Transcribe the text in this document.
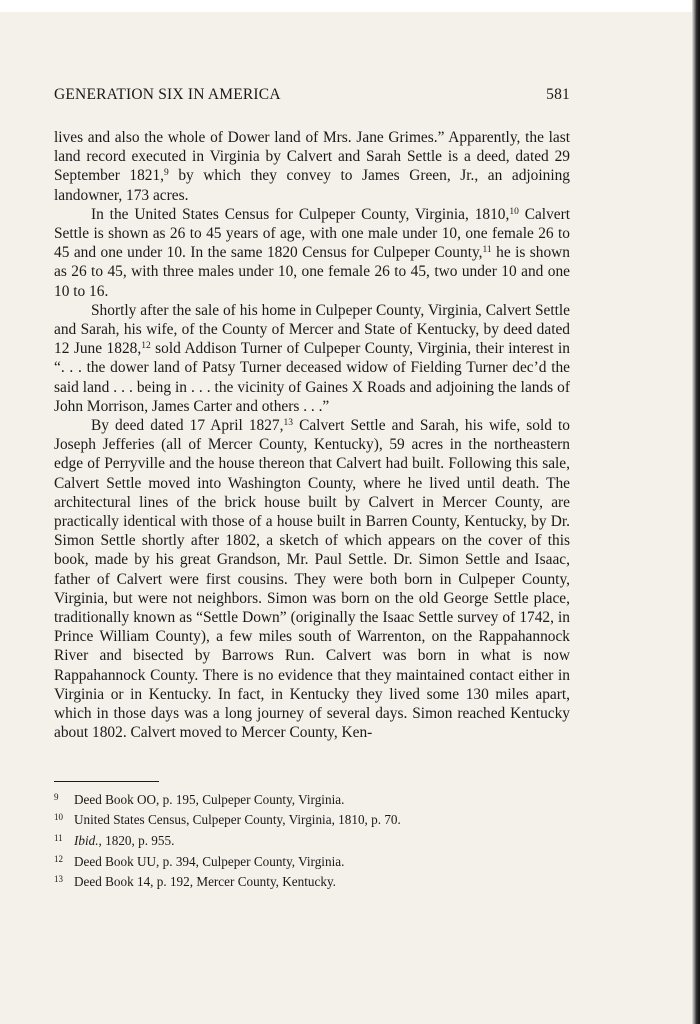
GENERATION SIX IN AMERICA	581

lives and also the whole of Dower land of Mrs. Jane Grimes.” Apparently, the last land record executed in Virginia by Calvert and Sarah Settle is a deed, dated 29 September 1821,$^9$ by which they convey to James Green, Jr., an adjoining landowner, 173 acres.

In the United States Census for Culpeper County, Virginia, 1810,10 Calvert Settle is shown as 26 to 45 years of age, with one male under 10, one female 26 to 45 and one under 10. In the same 1820 Census for Culpeper County,$^{11}$ he is shown as 26 to 45, with three males under 10, one female 26 to 45, two under 10 and one 10 to 16.

Shortly after the sale of his home in Culpeper County, Virginia, Calvert Settle and Sarah, his wife, of the County of Mercer and State of Kentucky, by deed dated 12 June 1828,12 sold Addison Turner of Culpeper County, Virginia, their interest in “. . . the dower land of Patsy Turner deceased widow of Fielding Turner dec’d the said land . . . being in . . . the vicinity of Gaines X Roads and adjoining the lands of John Morrison, James Carter and others . . .”

By deed dated 17 April 1827,13 Calvert Settle and Sarah, his wife, sold to Joseph Jefferies (all of Mercer County, Kentucky), 59 acres in the northeastern edge of Perryville and the house thereon that Calvert had built. Following this sale, Calvert Settle moved into Washington County, where he lived until death. The architectural lines of the brick house built by Calvert in Mercer County, are practically identical with those of a house built in Barren County, Kentucky, by Dr. Simon Settle shortly after 1802, a sketch of which appears on the cover of this book, made by his great Grandson, Mr. Paul Settle. Dr. Simon Settle and Isaac, father of Calvert were first cousins. They were both born in Culpeper County, Virginia, but were not neighbors. Simon was born on the old George Settle place, traditionally known as “Settle Down” (originally the Isaac Settle survey of 1742, in Prince William County), a few miles south of Warrenton, on the Rappahannock River and bisected by Barrows Run. Calvert was born in what is now Rappahannock County. There is no evidence that they maintained contact either in Virginia or in Kentucky. In fact, in Kentucky they lived some 130 miles apart, which in those days was a long journey of several days. Simon reached Kentucky about 1802. Calvert moved to Mercer County, Ken-

9	Deed Book OO, p. 195, Culpeper County, Virginia.
10 United States Census, Culpeper County, Virginia, 1810, p. 70.
11 Ibid., 1820, p. 955.
12 Deed Book UU, p. 394, Culpeper County, Virginia.
13 Deed Book 14, p. 192, Mercer County, Kentucky.
